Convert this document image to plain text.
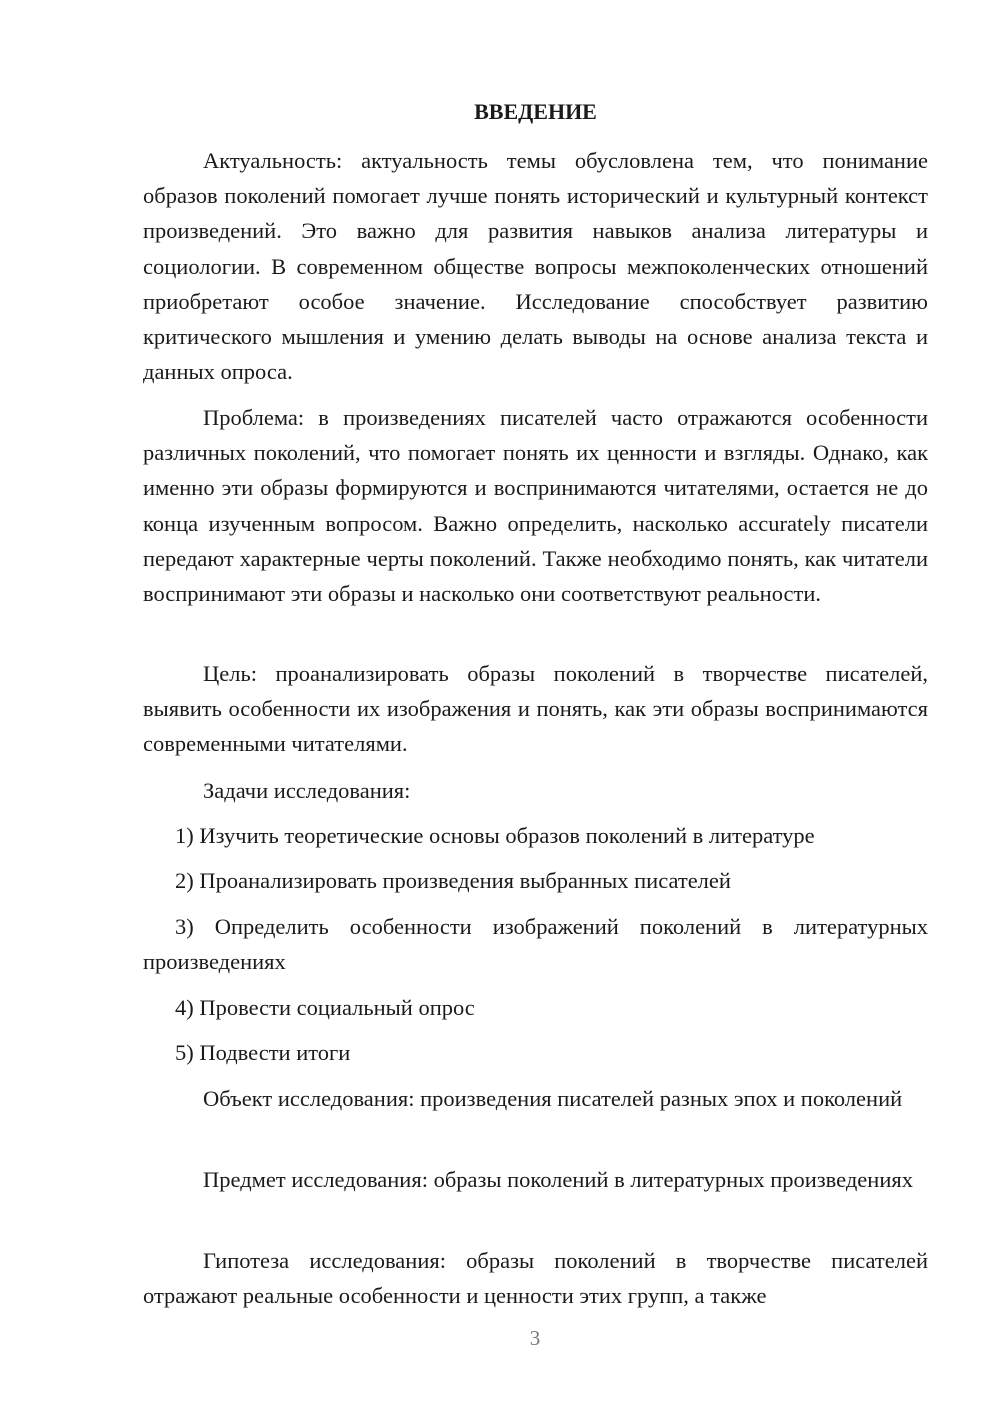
ВВЕДЕНИЕ

Актуальность: актуальность темы обусловлена тем, что понимание образов поколений помогает лучше понять исторический и культурный контекст произведений. Это важно для развития навыков анализа литературы и социологии. В современном обществе вопросы межпоколенческих отношений приобретают особое значение. Исследование способствует развитию критического мышления и умению делать выводы на основе анализа текста и данных опроса.

Проблема: в произведениях писателей часто отражаются особенности различных поколений, что помогает понять их ценности и взгляды. Однако, как именно эти образы формируются и воспринимаются читателями, остается не до конца изученным вопросом. Важно определить, насколько accurately писатели передают характерные черты поколений. Также необходимо понять, как читатели воспринимают эти образы и насколько они соответствуют реальности.

Цель: проанализировать образы поколений в творчестве писателей, выявить особенности их изображения и понять, как эти образы воспринимаются современными читателями.

Задачи исследования:

1) Изучить теоретические основы образов поколений в литературе

2) Проанализировать произведения выбранных писателей

3) Определить особенности изображений поколений в литературных произведениях

4) Провести социальный опрос

5) Подвести итоги

Объект исследования: произведения писателей разных эпох и поколений

Предмет исследования: образы поколений в литературных произведениях

Гипотеза исследования: образы поколений в творчестве писателей отражают реальные особенности и ценности этих групп, а также

3
